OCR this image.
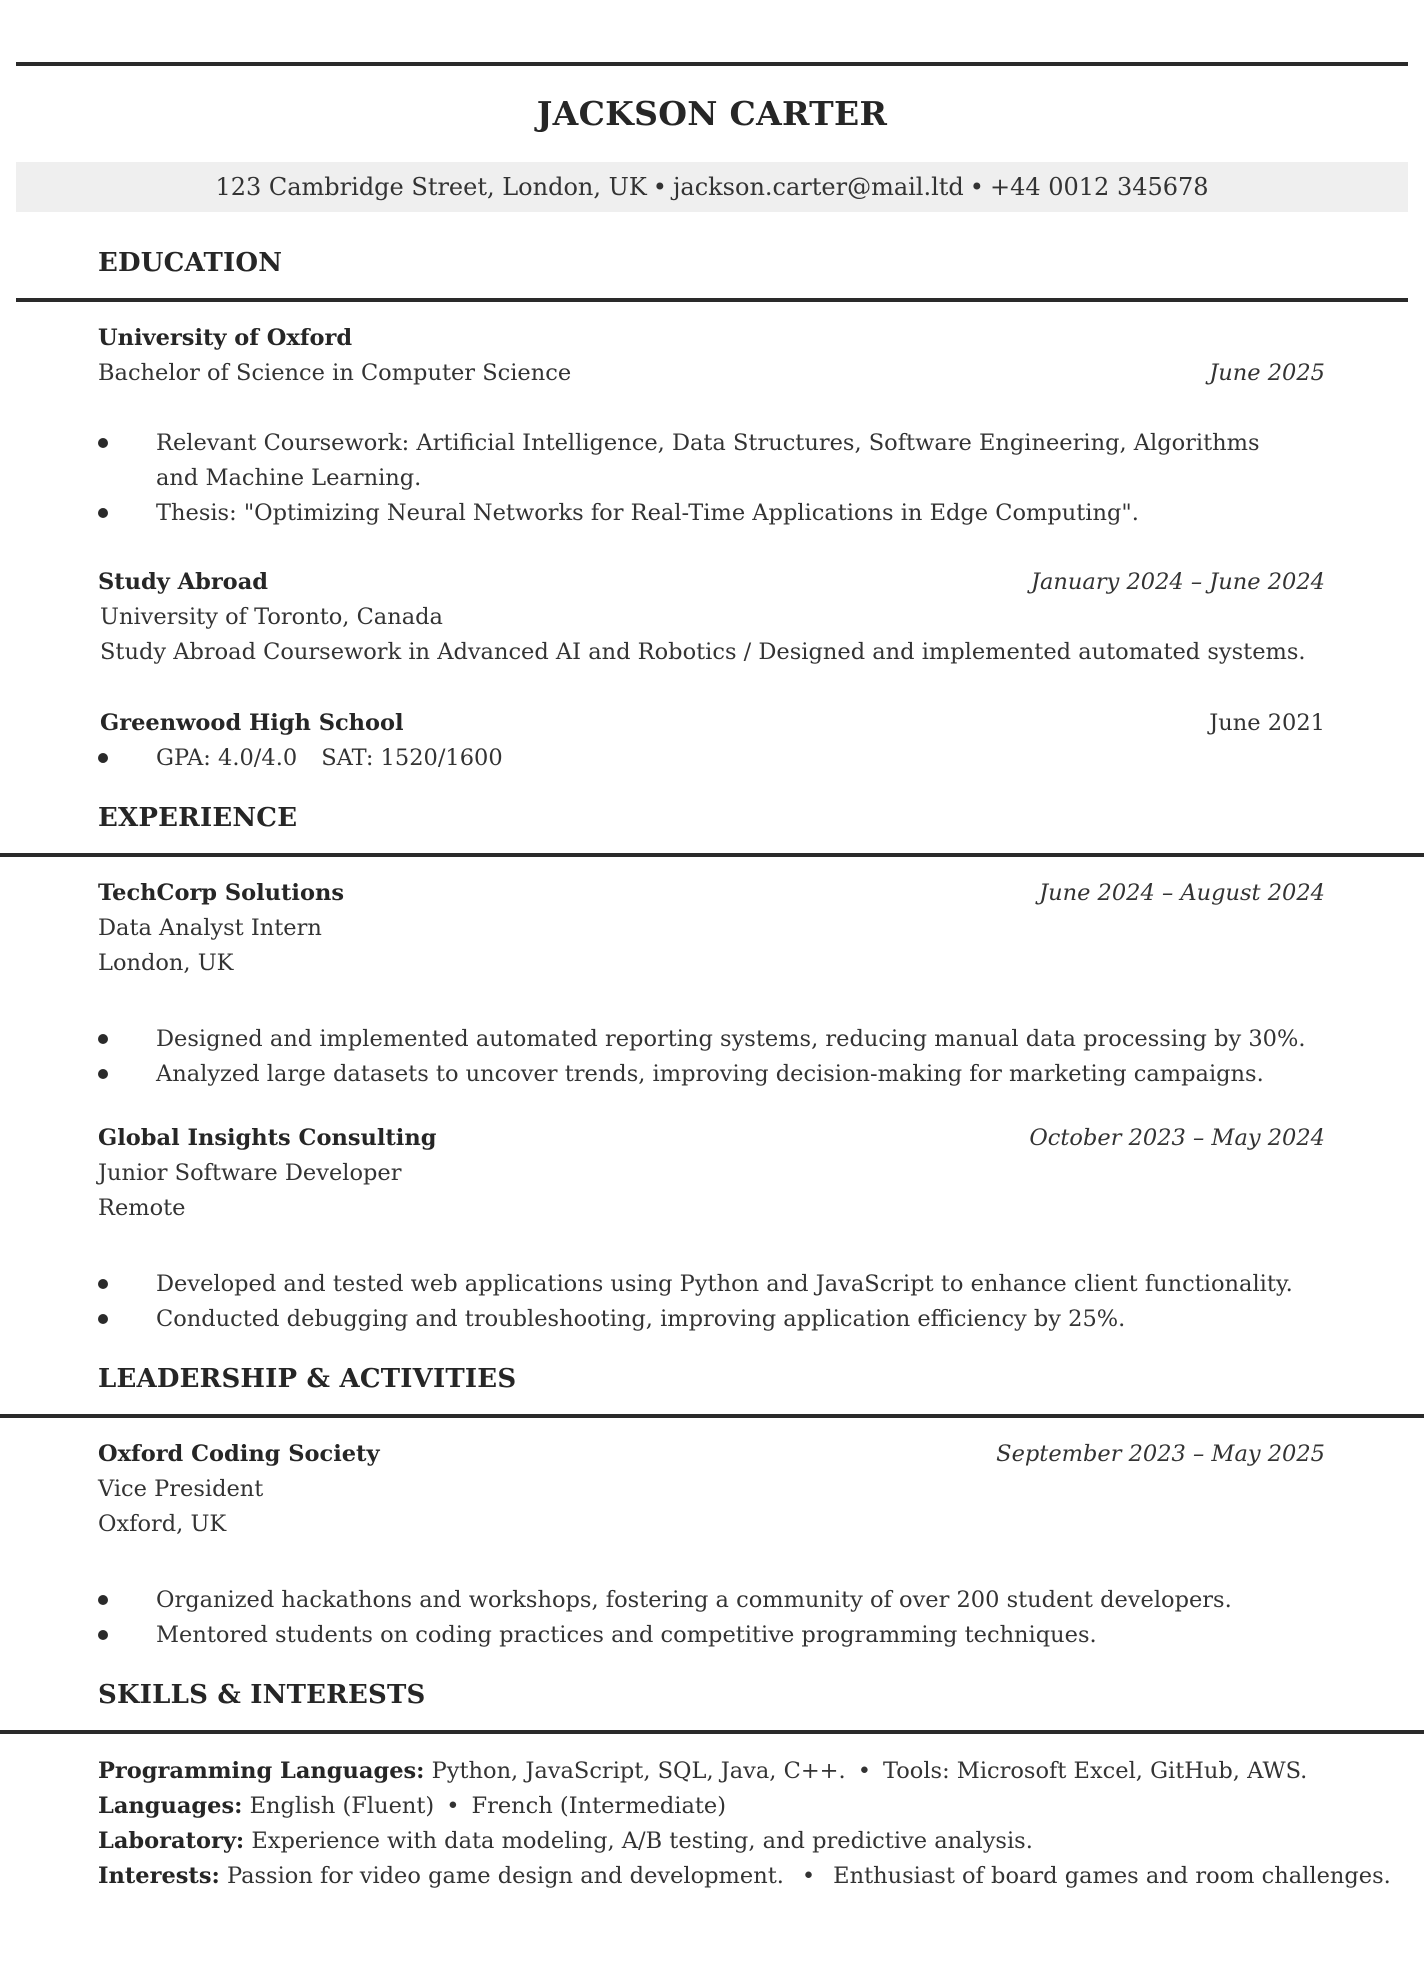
JACKSON CARTER
123 Cambridge Street, London, UK • jackson.carter@mail.ltd • +44 0012 345678
EDUCATION
University of Oxford
Bachelor of Science in Computer Science	June 2025
Relevant Coursework: Artificial Intelligence, Data Structures, Software Engineering, Algorithms
and Machine Learning.
Thesis: "Optimizing Neural Networks for Real-Time Applications in Edge Computing".
Study Abroad	January 2024 – June 2024
University of Toronto, Canada
Study Abroad Coursework in Advanced AI and Robotics / Designed and implemented automated systems.
Greenwood High School	June 2021
GPA: 4.0/4.0 SAT: 1520/1600
EXPERIENCE
TechCorp Solutions	June 2024 – August 2024
Data Analyst Intern
London, UK
Designed and implemented automated reporting systems, reducing manual data processing by 30%.
Analyzed large datasets to uncover trends, improving decision-making for marketing campaigns.
Global Insights Consulting	October 2023 – May 2024
Junior Software Developer
Remote
Developed and tested web applications using Python and JavaScript to enhance client functionality.
Conducted debugging and troubleshooting, improving application efficiency by 25%.
LEADERSHIP & ACTIVITIES
Oxford Coding Society	September 2023 – May 2025
Vice President
Oxford, UK
Organized hackathons and workshops, fostering a community of over 200 student developers.
Mentored students on coding practices and competitive programming techniques.
SKILLS & INTERESTS
Programming Languages: Python, JavaScript, SQL, Java, C++. • Tools: Microsoft Excel, GitHub, AWS.
Languages: English (Fluent) • French (Intermediate)
Laboratory: Experience with data modeling, A/B testing, and predictive analysis.
Interests: Passion for video game design and development. • Enthusiast of board games and room challenges.
